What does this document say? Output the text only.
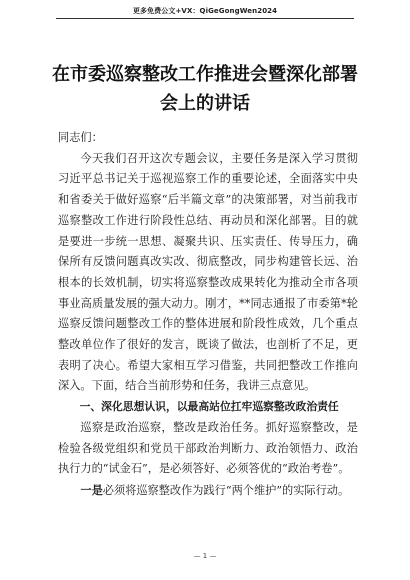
更多免费公文+VX：QiGeGongWen2024
在市委巡察整改工作推进会暨深化部署会上的讲话

同志们：

今天我们召开这次专题会议，主要任务是深入学习贯彻习近平总书记关于巡视巡察工作的重要论述，全面落实中央和省委关于做好巡察“后半篇文章”的决策部署，对当前我市巡察整改工作进行阶段性总结、再动员和深化部署。目的就是要进一步统一思想、凝聚共识、压实责任、传导压力，确保所有反馈问题真改实改、彻底整改，同步构建管长远、治根本的长效机制，切实将巡察整改成果转化为推动全市各项事业高质量发展的强大动力。刚才，**同志通报了市委第*轮巡察反馈问题整改工作的整体进展和阶段性成效，几个重点整改单位作了很好的发言，既谈了做法，也剖析了不足，更表明了决心。希望大家相互学习借鉴，共同把整改工作推向深入。下面，结合当前形势和任务，我讲三点意见。

一、深化思想认识，以最高站位扛牢巡察整改政治责任

巡察是政治巡察，整改是政治任务。抓好巡察整改，是检验各级党组织和党员干部政治判断力、政治领悟力、政治执行力的“试金石”，是必须答好、必须答优的“政治考卷”。

一是必须将巡察整改作为践行“两个维护”的实际行动。

— 1 —
